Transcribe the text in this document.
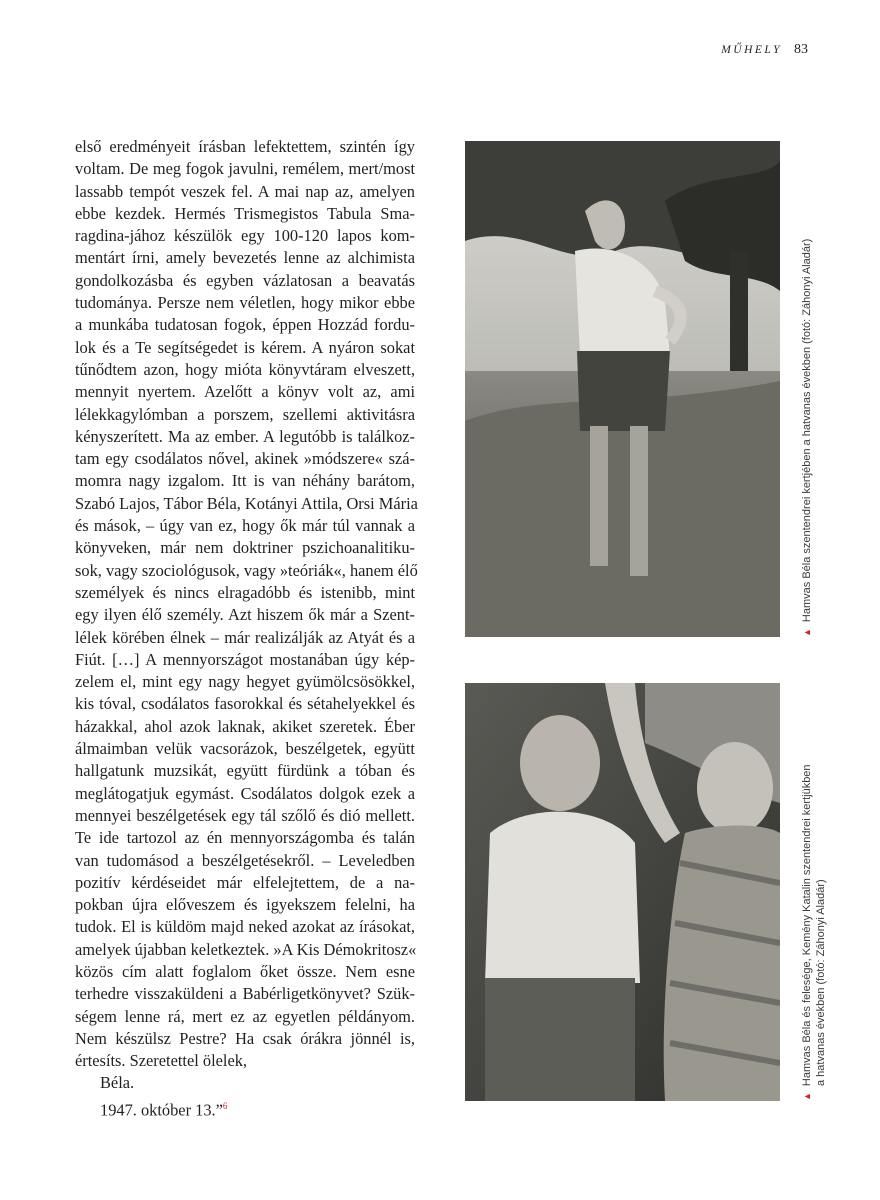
MŰHELY 83
első eredményeit írásban lefektettem, szintén így
voltam. De meg fogok javulni, remélem, mert/most
lassabb tempót veszek fel. A mai nap az, amelyen
ebbe kezdek. Hermés Trismegistos Tabula Sma-
ragdina-jához készülök egy 100-120 lapos kom-
mentárt írni, amely bevezetés lenne az alchimista
gondolkozásba és egyben vázlatosan a beavatás
tudománya. Persze nem véletlen, hogy mikor ebbe
a munkába tudatosan fogok, éppen Hozzád fordu-
lok és a Te segítségedet is kérem. A nyáron sokat
tűnődtem azon, hogy mióta könyvtáram elveszett,
mennyit nyertem. Azelőtt a könyv volt az, ami
lélekkagylómban a porszem, szellemi aktivitásra
kényszerített. Ma az ember. A legutóbb is találkoz-
tam egy csodálatos nővel, akinek »módszere« szá-
momra nagy izgalom. Itt is van néhány barátom,
Szabó Lajos, Tábor Béla, Kotányi Attila, Orsi Mária
és mások, – úgy van ez, hogy ők már túl vannak a
könyveken, már nem doktriner pszichoanalitiku-
sok, vagy szociológusok, vagy »teóriák«, hanem élő
személyek és nincs elragadóbb és istenibb, mint
egy ilyen élő személy. Azt hiszem ők már a Szent-
lélek körében élnek – már realizálják az Atyát és a
Fiút. […] A mennyországot mostanában úgy kép-
zelem el, mint egy nagy hegyet gyümölcsösökkel,
kis tóval, csodálatos fasorokkal és sétahelyekkel és
házakkal, ahol azok laknak, akiket szeretek. Éber
álmaimban velük vacsorázok, beszélgetek, együtt
hallgatunk muzsikát, együtt fürdünk a tóban és
meglátogatjuk egymást. Csodálatos dolgok ezek a
mennyei beszélgetések egy tál szőlő és dió mellett.
Te ide tartozol az én mennyországomba és talán
van tudomásod a beszélgetésekről. – Leveledben
pozitív kérdéseidet már elfelejtettem, de a na-
pokban újra előveszem és igyekszem felelni, ha
tudok. El is küldöm majd neked azokat az írásokat,
amelyek újabban keletkeztek. »A Kis Démokritosz«
közös cím alatt foglalom őket össze. Nem esne
terhedre visszaküldeni a Babérligetkönyvet? Szük-
ségem lenne rá, mert ez az egyetlen példányom.
Nem készülsz Pestre? Ha csak órákra jönnél is,
értesíts. Szeretettel ölelek,
Béla.
1947. október 13.”$^6$
▲Hamvas Béla szentendrei kertjében a hatvanas években (fotó: Záhonyi Aladár)
▲Hamvas Béla és felesége, Kemény Katalin szentendrei kertjükben a hatvanas években (fotó: Záhonyi Aladár)
